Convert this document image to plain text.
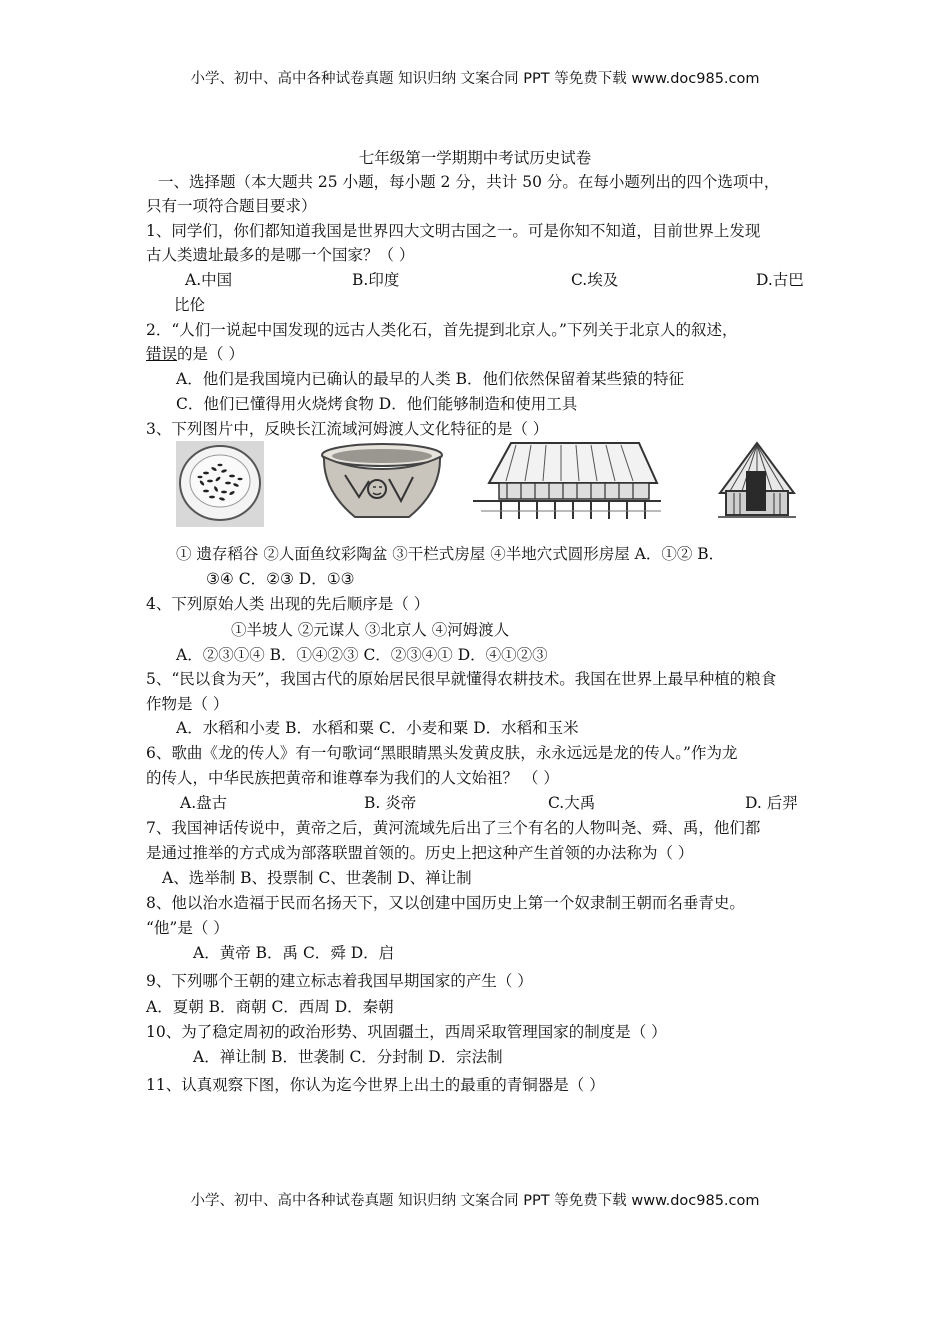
小学、初中、高中各种试卷真题 知识归纳 文案合同 PPT 等免费下载 www.doc985.com
七年级第一学期期中考试历史试卷
一、选择题（本大题共 25 小题，每小题 2 分，共计 50 分。在每小题列出的四个选项中，
只有一项符合题目要求）
1、同学们，你们都知道我国是世界四大文明古国之一。可是你知不知道，目前世界上发现
古人类遗址最多的是哪一个国家？（ ）
A.中国	B.印度	C.埃及	D.古巴
比伦
2．“人们一说起中国发现的远古人类化石，首先提到北京人。”下列关于北京人的叙述，
错误的是（ ）
A．他们是我国境内已确认的最早的人类 B．他们依然保留着某些猿的特征
C．他们已懂得用火烧烤食物 D．他们能够制造和使用工具
3、下列图片中，反映长江流域河姆渡人文化特征的是（ ）
① 遗存稻谷 ②人面鱼纹彩陶盆 ③干栏式房屋 ④半地穴式圆形房屋 A．①② B．
③④ C．②③ D．①③
4、下列原始人类 出现的先后顺序是（ ）
①半坡人 ②元谋人 ③北京人 ④河姆渡人
A．②③①④ B．①④②③ C．②③④① D．④①②③
5、“民以食为天”，我国古代的原始居民很早就懂得农耕技术。我国在世界上最早种植的粮食
作物是（ ）
A．水稻和小麦 B．水稻和粟 C．小麦和粟 D．水稻和玉米
6、歌曲《龙的传人》有一句歌词“黑眼睛黑头发黄皮肤，永永远远是龙的传人。”作为龙
的传人，中华民族把黄帝和谁尊奉为我们的人文始祖？ （ ）
A.盘古	B. 炎帝	C.大禹	D. 后羿
7、我国神话传说中，黄帝之后，黄河流域先后出了三个有名的人物叫尧、舜、禹，他们都
是通过推举的方式成为部落联盟首领的。历史上把这种产生首领的办法称为（ ）
A、选举制 B、投票制 C、世袭制 D、禅让制
8、他以治水造福于民而名扬天下，又以创建中国历史上第一个奴隶制王朝而名垂青史。
“他”是（ ）
A．黄帝 B．禹 C．舜 D．启
9、下列哪个王朝的建立标志着我国早期国家的产生（ ）
A．夏朝 B．商朝 C．西周 D．秦朝
10、为了稳定周初的政治形势、巩固疆土，西周采取管理国家的制度是（ ）
A．禅让制 B．世袭制 C．分封制 D．宗法制
11、认真观察下图，你认为迄今世界上出土的最重的青铜器是（ ）
小学、初中、高中各种试卷真题 知识归纳 文案合同 PPT 等免费下载 www.doc985.com
